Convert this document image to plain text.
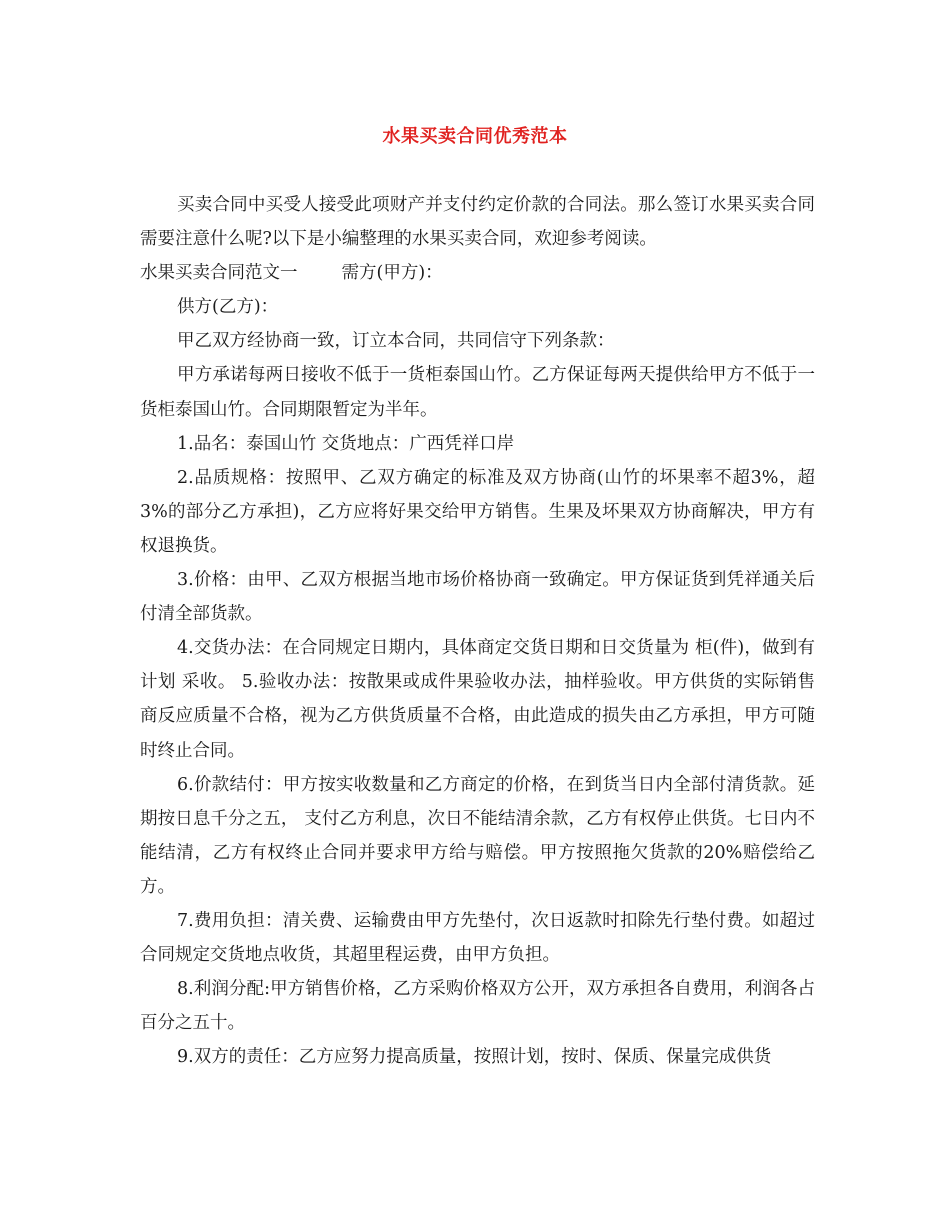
水果买卖合同优秀范本

买卖合同中买受人接受此项财产并支付约定价款的合同法。那么签订水果买卖合同需要注意什么呢?以下是小编整理的水果买卖合同，欢迎参考阅读。

水果买卖合同范文一	需方(甲方)：

供方(乙方)：

甲乙双方经协商一致，订立本合同，共同信守下列条款：

甲方承诺每两日接收不低于一货柜泰国山竹。乙方保证每两天提供给甲方不低于一货柜泰国山竹。合同期限暂定为半年。

1.品名：泰国山竹 交货地点：广西凭祥口岸

2.品质规格：按照甲、乙双方确定的标准及双方协商(山竹的坏果率不超3%，超3%的部分乙方承担)，乙方应将好果交给甲方销售。生果及坏果双方协商解决，甲方有权退换货。

3.价格：由甲、乙双方根据当地市场价格协商一致确定。甲方保证货到凭祥通关后付清全部货款。

4.交货办法：在合同规定日期内，具体商定交货日期和日交货量为 柜(件)，做到有计划 采收。 5.验收办法：按散果或成件果验收办法，抽样验收。甲方供货的实际销售商反应质量不合格，视为乙方供货质量不合格，由此造成的损失由乙方承担，甲方可随时终止合同。

6.价款结付：甲方按实收数量和乙方商定的价格，在到货当日内全部付清货款。延期按日息千分之五， 支付乙方利息，次日不能结清余款，乙方有权停止供货。七日内不能结清，乙方有权终止合同并要求甲方给与赔偿。甲方按照拖欠货款的20%赔偿给乙方。

7.费用负担：清关费、运输费由甲方先垫付，次日返款时扣除先行垫付费。如超过合同规定交货地点收货，其超里程运费，由甲方负担。

8.利润分配:甲方销售价格，乙方采购价格双方公开，双方承担各自费用，利润各占百分之五十。

9.双方的责任：乙方应努力提高质量，按照计划，按时、保质、保量完成供货
